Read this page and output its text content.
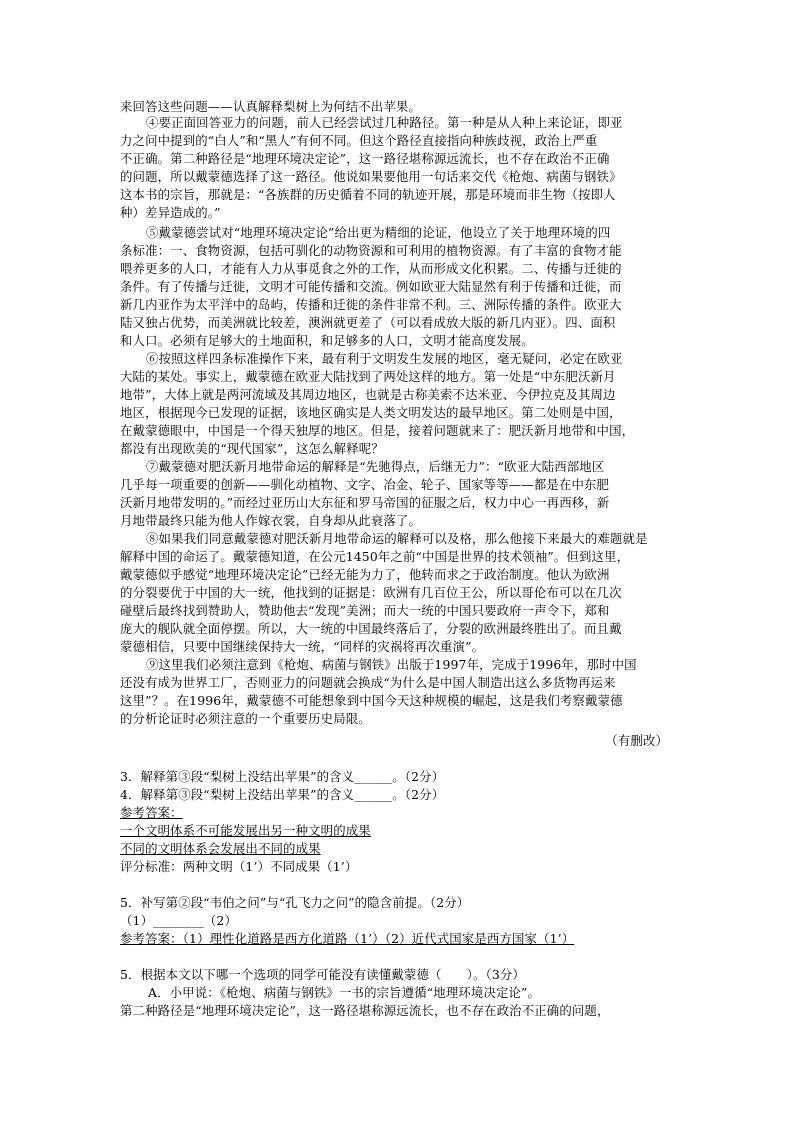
来回答这些问题——认真解释梨树上为何结不出苹果。
④要正面回答亚力的问题，前人已经尝试过几种路径。第一种是从人种上来论证，即亚
力之问中提到的“白人”和“黑人”有何不同。但这个路径直接指向种族歧视，政治上严重
不正确。第二种路径是“地理环境决定论”，这一路径堪称源远流长，也不存在政治不正确
的问题，所以戴蒙德选择了这一路径。他说如果要他用一句话来交代《枪炮、病菌与钢铁》
这本书的宗旨，那就是：“各族群的历史循着不同的轨迹开展，那是环境而非生物（按即人
种）差异造成的。”
⑤戴蒙德尝试对“地理环境决定论”给出更为精细的论证，他设立了关于地理环境的四
条标准：一、食物资源，包括可驯化的动物资源和可利用的植物资源。有了丰富的食物才能
喂养更多的人口，才能有人力从事觅食之外的工作，从而形成文化积累。二、传播与迁徙的
条件。有了传播与迁徙，文明才可能传播和交流。例如欧亚大陆显然有利于传播和迁徙，而
新几内亚作为太平洋中的岛屿，传播和迁徙的条件非常不利。三、洲际传播的条件。欧亚大
陆又独占优势，而美洲就比较差，澳洲就更差了（可以看成放大版的新几内亚）。四、面积
和人口。必须有足够大的土地面积，和足够多的人口，文明才能高度发展。
⑥按照这样四条标准操作下来，最有利于文明发生发展的地区，毫无疑问，必定在欧亚
大陆的某处。事实上，戴蒙德在欧亚大陆找到了两处这样的地方。第一处是“中东肥沃新月
地带”，大体上就是两河流域及其周边地区，也就是古称美索不达米亚、今伊拉克及其周边
地区，根据现今已发现的证据，该地区确实是人类文明发达的最早地区。第二处则是中国，
在戴蒙德眼中，中国是一个得天独厚的地区。但是，接着问题就来了：肥沃新月地带和中国，
都没有出现欧美的“现代国家”，这怎么解释呢？
⑦戴蒙德对肥沃新月地带命运的解释是“先驰得点，后继无力”：“欧亚大陆西部地区
几乎每一项重要的创新——驯化动植物、文字、冶金、轮子、国家等等——都是在中东肥
沃新月地带发明的。”而经过亚历山大东征和罗马帝国的征服之后，权力中心一再西移，新
月地带最终只能为他人作嫁衣裳，自身却从此衰落了。
⑧如果我们同意戴蒙德对肥沃新月地带命运的解释可以及格，那么他接下来最大的难题就是
解释中国的命运了。戴蒙德知道，在公元1450年之前“中国是世界的技术领袖”。但到这里，
戴蒙德似乎感觉“地理环境决定论”已经无能为力了，他转而求之于政治制度。他认为欧洲
的分裂要优于中国的大一统，他找到的证据是：欧洲有几百位王公，所以哥伦布可以在几次
碰壁后最终找到赞助人，赞助他去“发现”美洲；而大一统的中国只要政府一声令下，郑和
庞大的舰队就全面停摆。所以，大一统的中国最终落后了，分裂的欧洲最终胜出了。而且戴
蒙德相信，只要中国继续保持大一统，“同样的灾祸将再次重演”。
⑨这里我们必须注意到《枪炮、病菌与钢铁》出版于1997年，完成于1996年，那时中国
还没有成为世界工厂，否则亚力的问题就会换成“为什么是中国人制造出这么多货物再运来
这里”？。在1996年，戴蒙德不可能想象到中国今天这种规模的崛起，这是我们考察戴蒙德
的分析论证时必须注意的一个重要历史局限。
（有删改）
3．解释第③段“梨树上没结出苹果”的含义______。（2分）
4．解释第③段“梨树上没结出苹果”的含义______。（2分）
参考答案：
一个文明体系不可能发展出另一种文明的成果
不同的文明体系会发展出不同的成果
评分标准：两种文明（1’）不同成果（1’）
5．补写第②段“韦伯之问”与“孔飞力之问”的隐含前提。（2分）
（1）________（2）
参考答案：（1）理性化道路是西方化道路（1’）（2）近代式国家是西方国家（1’）
5．根据本文以下哪一个选项的同学可能没有读懂戴蒙德（　　）。（3分）
A．小甲说：《枪炮、病菌与钢铁》一书的宗旨遵循“地理环境决定论”。
第二种路径是“地理环境决定论”，这一路径堪称源远流长，也不存在政治不正确的问题，
